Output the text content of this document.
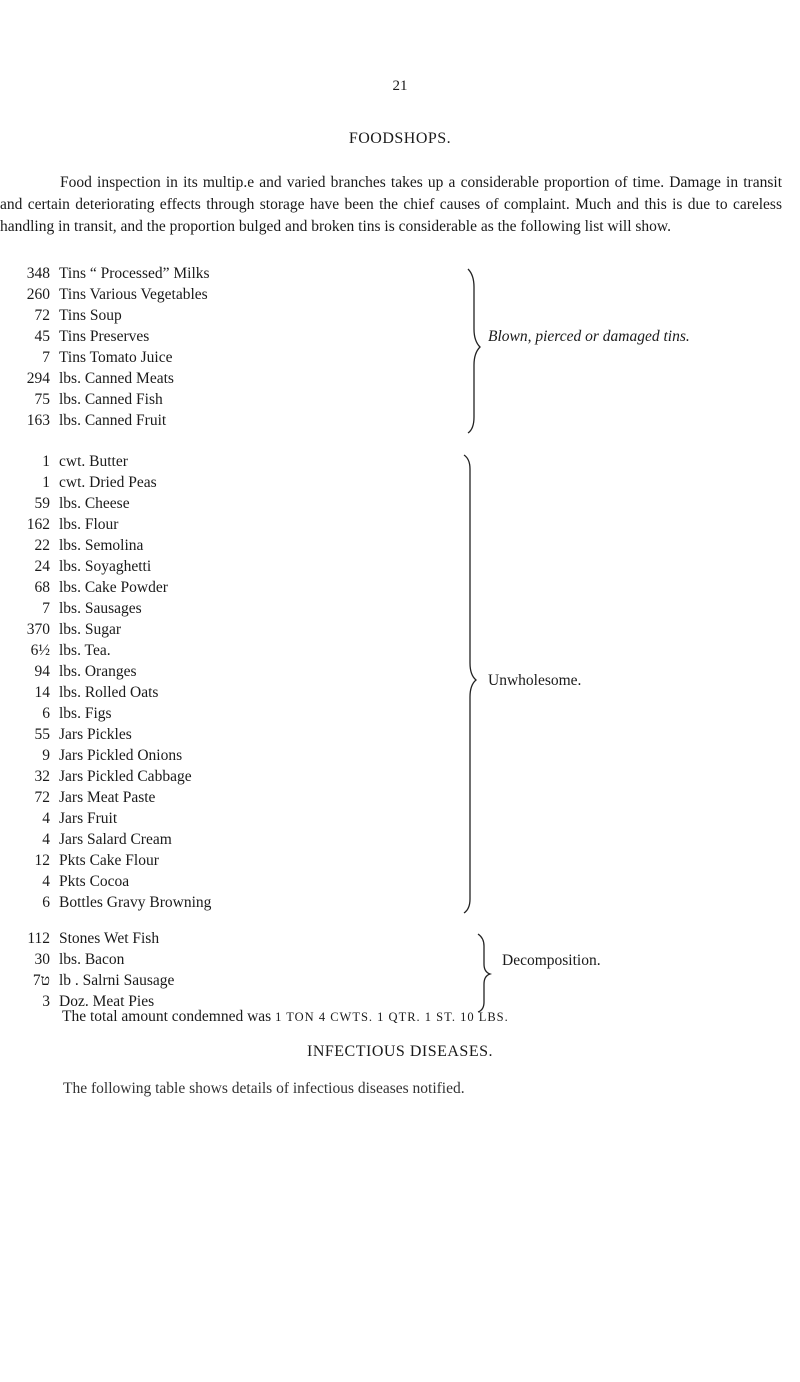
21
FOODSHOPS.
Food inspection in its multip.e and varied branches takes up a considerable proportion of time. Damage in transit and certain deteriorating effects through storage have been the chief causes of complaint. Much and this is due to careless handling in transit, and the proportion bulged and broken tins is considerable as the following list will show.
348 Tins “ Processed” Milks
260 Tins Various Vegetables
72 Tins Soup
45 Tins Preserves
7 Tins Tomato Juice
294 lbs. Canned Meats
75 lbs. Canned Fish
163 lbs. Canned Fruit
Blown, pierced or damaged tins.
1 cwt. Butter
1 cwt. Dried Peas
59 lbs. Cheese
162 lbs. Flour
22 lbs. Semolina
24 lbs. Soyaghetti
68 lbs. Cake Powder
7 lbs. Sausages
370 lbs. Sugar
6½ lbs. Tea.
94 lbs. Oranges
14 lbs. Rolled Oats
6 lbs. Figs
55 Jars Pickles
9 Jars Pickled Onions
32 Jars Pickled Cabbage
72 Jars Meat Paste
4 Jars Fruit
4 Jars Salard Cream
12 Pkts Cake Flour
4 Pkts Cocoa
6 Bottles Gravy Browning
Unwholesome.
112 Stones Wet Fish
30 lbs. Bacon
7ט lb . Salrni Sausage
3 Doz. Meat Pies
Decomposition.
The total amount condemned was 1 TON 4 CWTS. 1 QTR. 1 ST. 10 LBS.
INFECTIOUS DISEASES.
The following table shows details of infectious diseases notified.
